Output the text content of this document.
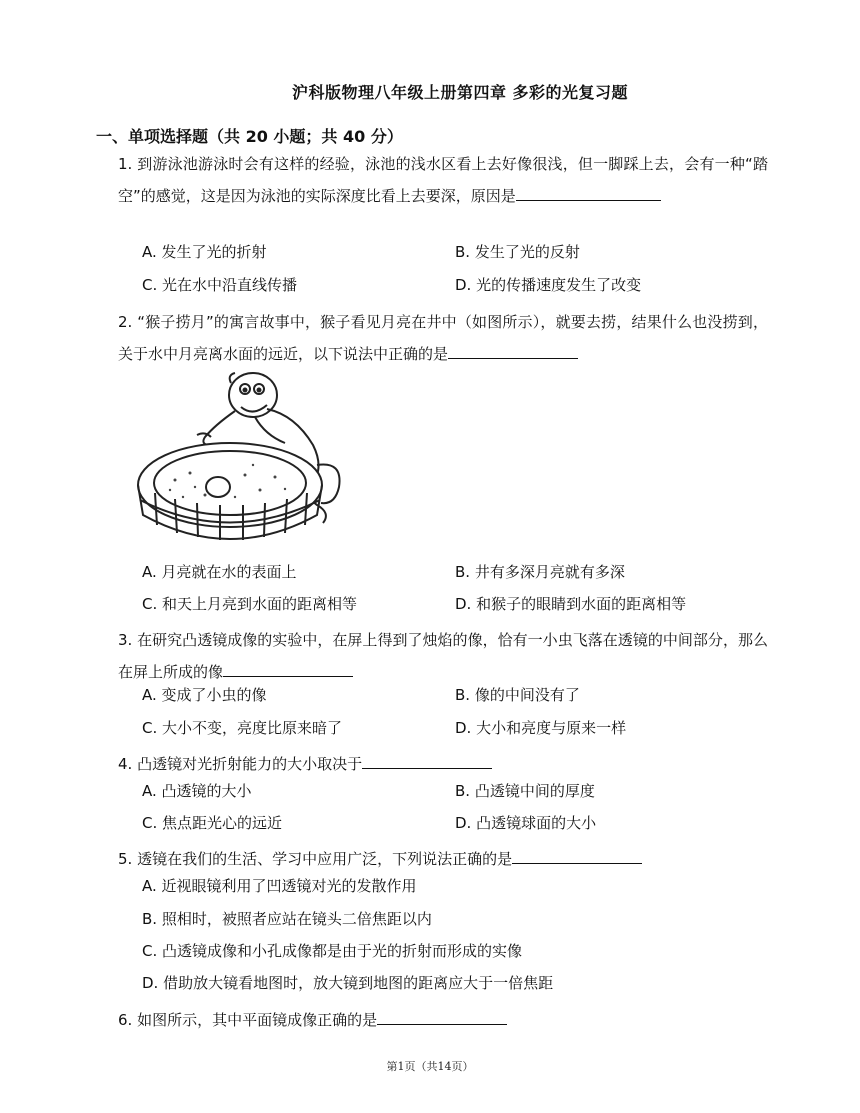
沪科版物理八年级上册第四章 多彩的光复习题
一、单项选择题（共 20 小题；共 40 分）
1. 到游泳池游泳时会有这样的经验，泳池的浅水区看上去好像很浅，但一脚踩上去，会有一种“踏空”的感觉，这是因为泳池的实际深度比看上去要深，原因是
A. 发生了光的折射	B. 发生了光的反射
C. 光在水中沿直线传播	D. 光的传播速度发生了改变
2. “猴子捞月”的寓言故事中，猴子看见月亮在井中（如图所示），就要去捞，结果什么也没捞到，关于水中月亮离水面的远近，以下说法中正确的是
A. 月亮就在水的表面上	B. 井有多深月亮就有多深
C. 和天上月亮到水面的距离相等	D. 和猴子的眼睛到水面的距离相等
3. 在研究凸透镜成像的实验中，在屏上得到了烛焰的像，恰有一小虫飞落在透镜的中间部分，那么在屏上所成的像
A. 变成了小虫的像	B. 像的中间没有了
C. 大小不变，亮度比原来暗了	D. 大小和亮度与原来一样
4. 凸透镜对光折射能力的大小取决于
A. 凸透镜的大小	B. 凸透镜中间的厚度
C. 焦点距光心的远近	D. 凸透镜球面的大小
5. 透镜在我们的生活、学习中应用广泛，下列说法正确的是
A. 近视眼镜利用了凹透镜对光的发散作用
B. 照相时，被照者应站在镜头二倍焦距以内
C. 凸透镜成像和小孔成像都是由于光的折射而形成的实像
D. 借助放大镜看地图时，放大镜到地图的距离应大于一倍焦距
6. 如图所示，其中平面镜成像正确的是
第1页（共14页）
